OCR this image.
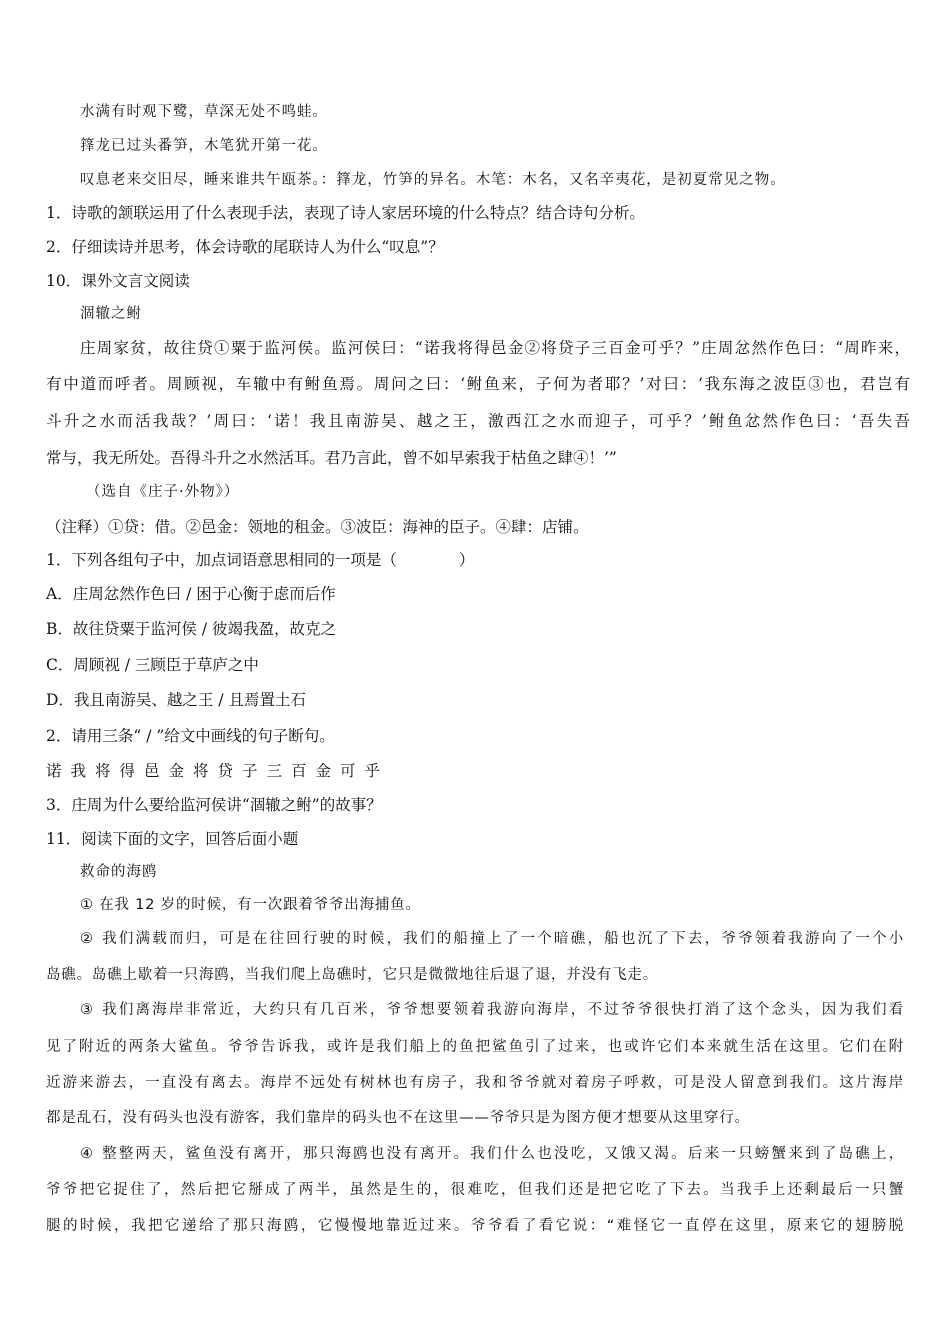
水满有时观下鹭，草深无处不鸣蛙。
箨龙已过头番笋，木笔犹开第一花。
叹息老来交旧尽，睡来谁共午瓯茶。：箨龙，竹笋的异名。木笔：木名，又名辛夷花，是初夏常见之物。
1．诗歌的颔联运用了什么表现手法，表现了诗人家居环境的什么特点？结合诗句分析。
2．仔细读诗并思考，体会诗歌的尾联诗人为什么“叹息”？
10．课外文言文阅读
涸辙之鲋
庄周家贫，故往贷①粟于监河侯。监河侯曰：“诺我将得邑金②将贷子三百金可乎？”庄周忿然作色曰：“周昨来，
有中道而呼者。周顾视，车辙中有鲋鱼焉。周问之曰：‘鲋鱼来，子何为者耶？’对曰：‘我东海之波臣③也，君岂有
斗升之水而活我哉？’周曰：‘诺！我且南游吴、越之王，激西江之水而迎子，可乎？’鲋鱼忿然作色曰：‘吾失吾
常与，我无所处。吾得斗升之水然活耳。君乃言此，曾不如早索我于枯鱼之肆④！’”
（选自《庄子·外物》）
（注释）①贷：借。②邑金：领地的租金。③波臣：海神的臣子。④肆：店铺。
1．下列各组句子中，加点词语意思相同的一项是（　　　　）
A．庄周忿然作色曰 / 困于心衡于虑而后作
B．故往贷粟于监河侯 / 彼竭我盈，故克之
C．周顾视 / 三顾臣于草庐之中
D．我且南游吴、越之王 / 且焉置土石
2．请用三条“ / ”给文中画线的句子断句。
诺我将得邑金将贷子三百金可乎
3．庄周为什么要给监河侯讲“涸辙之鲋”的故事？
11．阅读下面的文字，回答后面小题
救命的海鸥
① 在我 12 岁的时候，有一次跟着爷爷出海捕鱼。
② 我们满载而归，可是在往回行驶的时候，我们的船撞上了一个暗礁，船也沉了下去，爷爷领着我游向了一个小
岛礁。岛礁上歇着一只海鸥，当我们爬上岛礁时，它只是微微地往后退了退，并没有飞走。
③ 我们离海岸非常近，大约只有几百米，爷爷想要领着我游向海岸，不过爷爷很快打消了这个念头，因为我们看
见了附近的两条大鲨鱼。爷爷告诉我，或许是我们船上的鱼把鲨鱼引了过来，也或许它们本来就生活在这里。它们在附
近游来游去，一直没有离去。海岸不远处有树林也有房子，我和爷爷就对着房子呼救，可是没人留意到我们。这片海岸
都是乱石，没有码头也没有游客，我们靠岸的码头也不在这里——爷爷只是为图方便才想要从这里穿行。
④ 整整两天，鲨鱼没有离开，那只海鸥也没有离开。我们什么也没吃，又饿又渴。后来一只螃蟹来到了岛礁上，
爷爷把它捉住了，然后把它掰成了两半，虽然是生的，很难吃，但我们还是把它吃了下去。当我手上还剩最后一只蟹
腿的时候，我把它递给了那只海鸥，它慢慢地靠近过来。爷爷看了看它说：“难怪它一直停在这里，原来它的翅膀脱
